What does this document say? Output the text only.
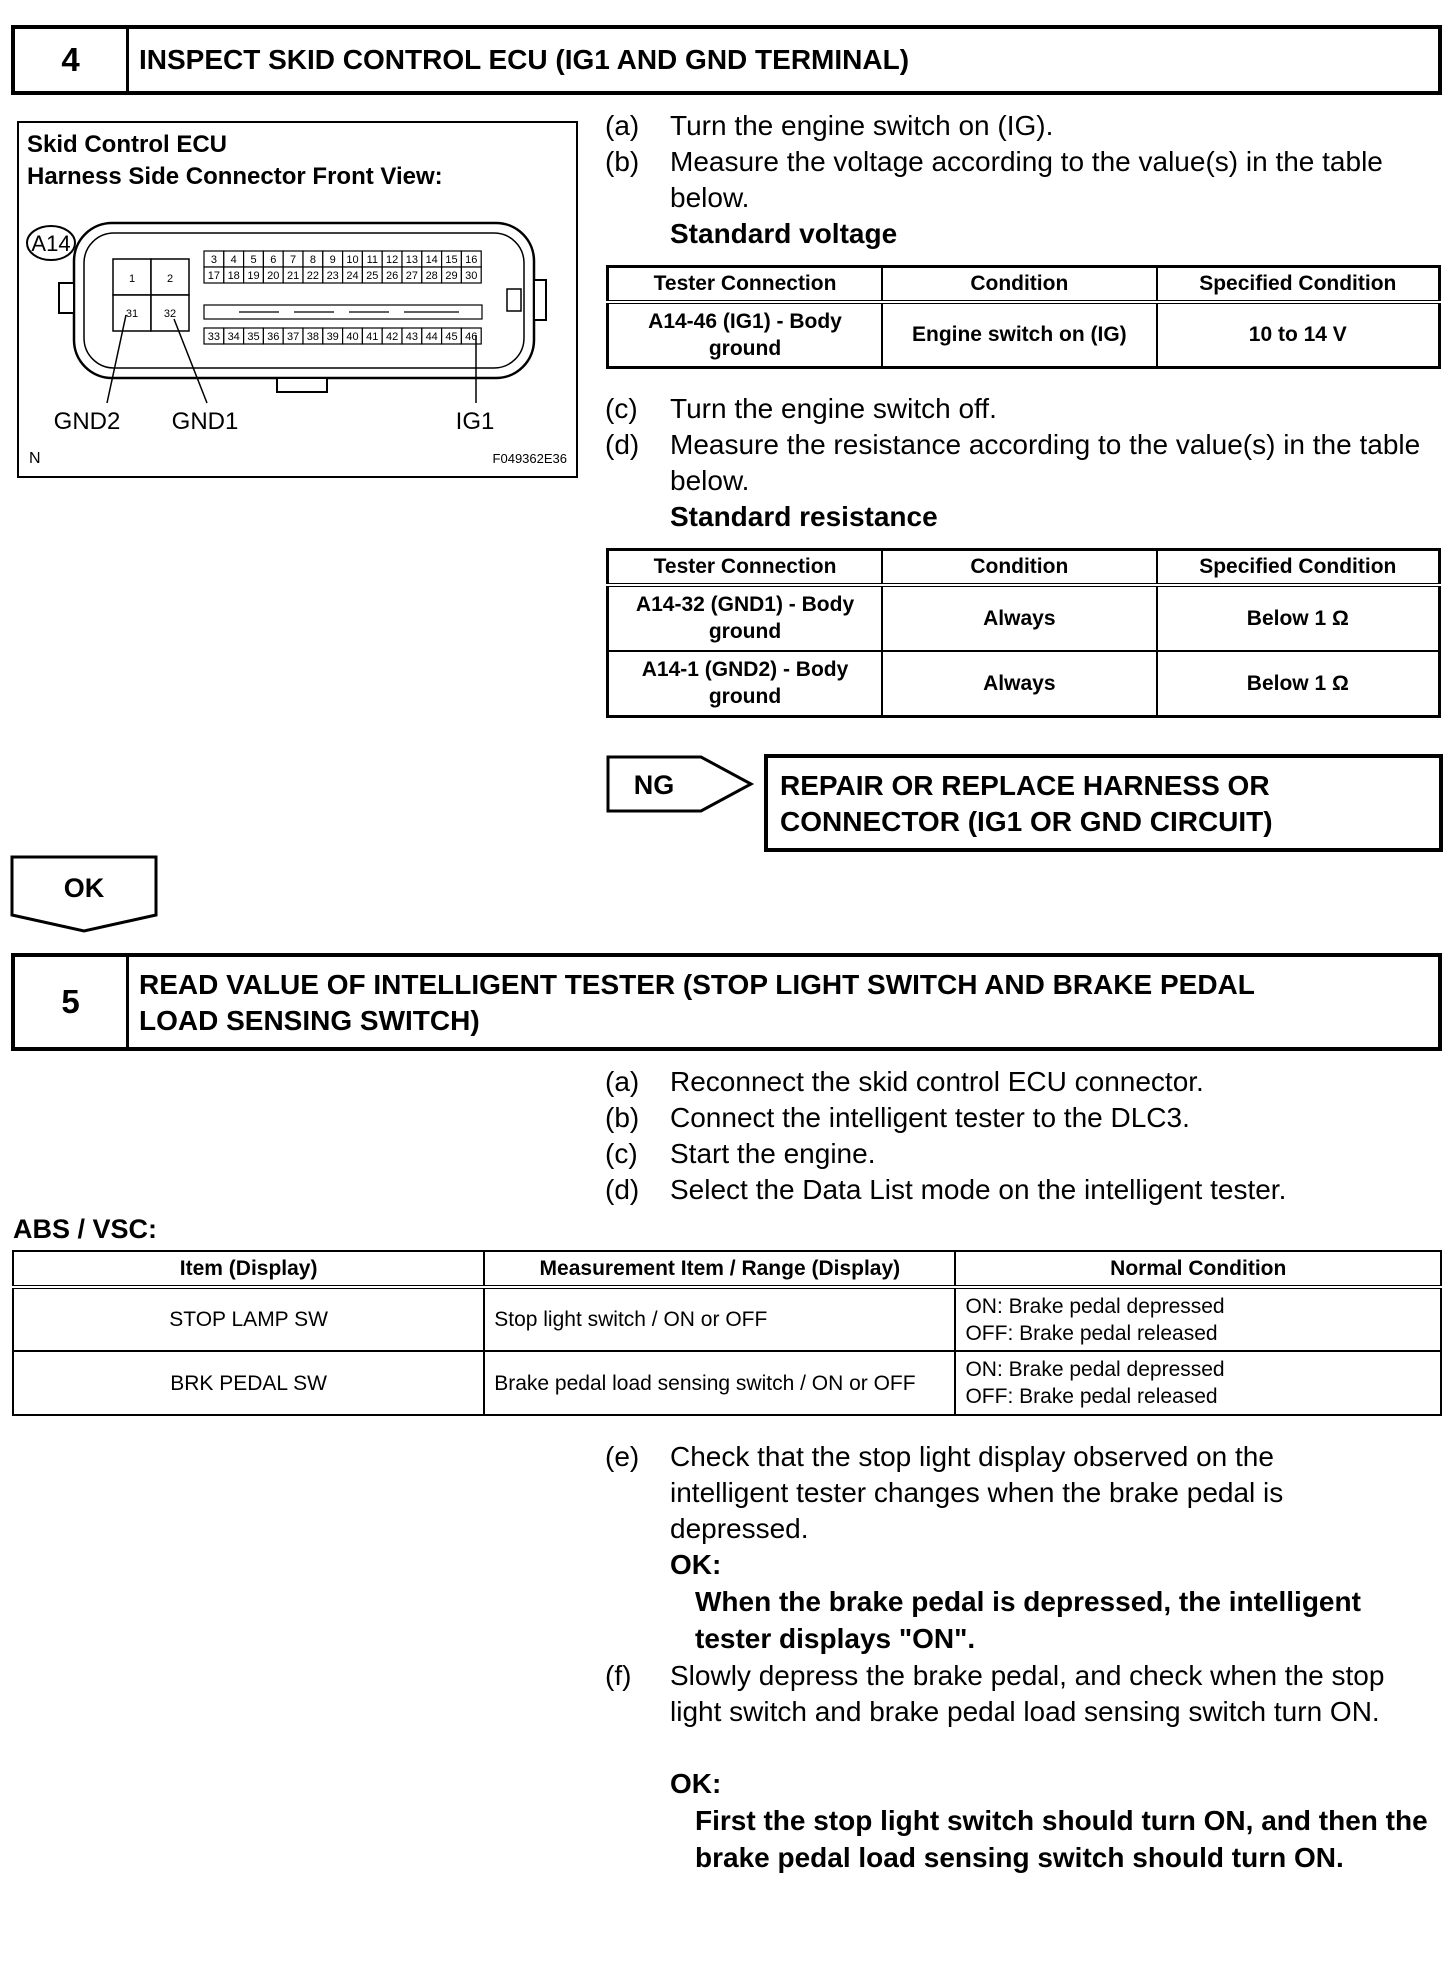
4	INSPECT SKID CONTROL ECU (IG1 AND GND TERMINAL)
Skid Control ECU
Harness Side Connector Front View:
A14
1	2
31 32
GND2 GND1	IG1
N	F049362E36
3 4 5 6 7 8 9 10 11 12 13 14 15 16
17 18 19 20 21 22 23 24 25 26 27 28 29 30
33 34 35 36 37 38 39 40 41 42 43 44 45 46
(a)	Turn the engine switch on (IG).
(b)	Measure the voltage according to the value(s) in the table below.
Standard voltage
Tester Connection	Condition	Specified Condition
A14-46 (IG1) - Body ground	Engine switch on (IG)	10 to 14 V
(c)	Turn the engine switch off.
(d)	Measure the resistance according to the value(s) in the table below.
Standard resistance
Tester Connection	Condition	Specified Condition
A14-32 (GND1) - Body ground	Always	Below 1 Ω
A14-1 (GND2) - Body ground	Always	Below 1 Ω
NG	REPAIR OR REPLACE HARNESS OR
CONNECTOR (IG1 OR GND CIRCUIT)
OK
5	READ VALUE OF INTELLIGENT TESTER (STOP LIGHT SWITCH AND BRAKE PEDAL
LOAD SENSING SWITCH)
(a)	Reconnect the skid control ECU connector.
(b)	Connect the intelligent tester to the DLC3.
(c)	Start the engine.
(d)	Select the Data List mode on the intelligent tester.
ABS / VSC:
Item (Display)	Measurement Item / Range (Display)	Normal Condition
STOP LAMP SW	Stop light switch / ON or OFF	ON: Brake pedal depressed
OFF: Brake pedal released

BRK PEDAL SW	Brake pedal load sensing switch / ON or OFF	ON: Brake pedal depressed
OFF: Brake pedal released
(e)	Check that the stop light display observed on the intelligent tester changes when the brake pedal is depressed.
OK:
When the brake pedal is depressed, the intelligent tester displays "ON".
(f)	Slowly depress the brake pedal, and check when the stop light switch and brake pedal load sensing switch turn ON.
OK:
First the stop light switch should turn ON, and then the brake pedal load sensing switch should turn ON.
